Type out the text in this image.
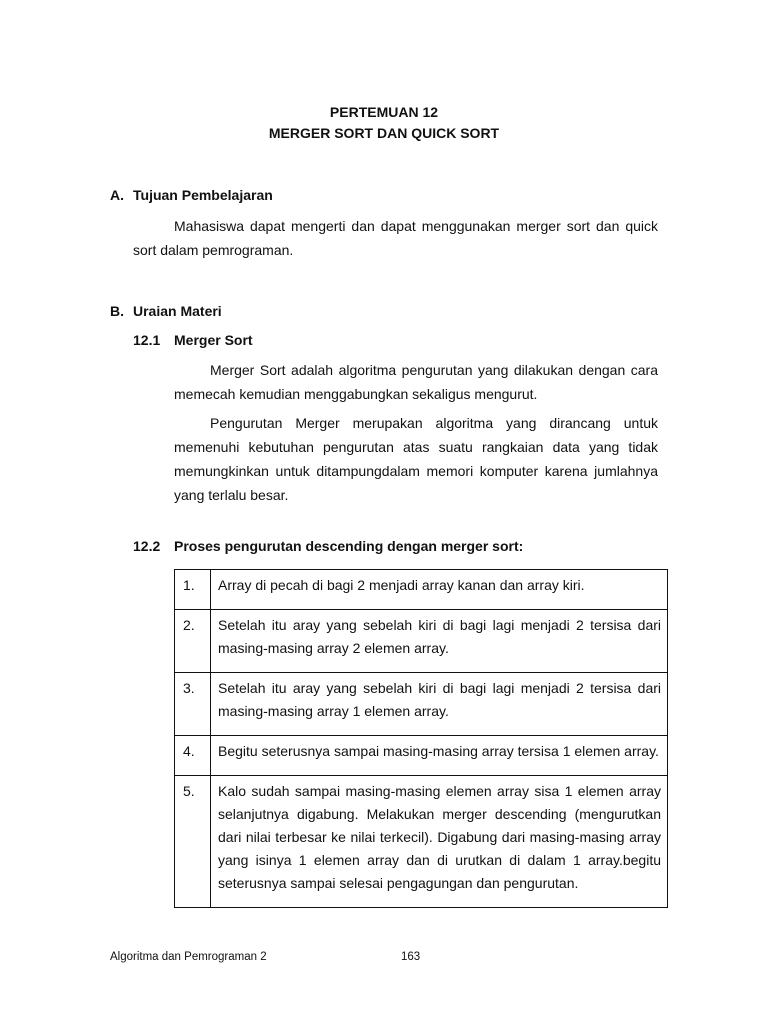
PERTEMUAN 12
MERGER SORT DAN QUICK SORT
A. Tujuan Pembelajaran
Mahasiswa dapat mengerti dan dapat menggunakan merger sort dan quick sort dalam pemrograman.
B. Uraian Materi
12.1 Merger Sort
Merger Sort adalah algoritma pengurutan yang dilakukan dengan cara memecah kemudian menggabungkan sekaligus mengurut.
Pengurutan Merger merupakan algoritma yang dirancang untuk memenuhi kebutuhan pengurutan atas suatu rangkaian data yang tidak memungkinkan untuk ditampungdalam memori komputer karena jumlahnya yang terlalu besar.
12.2 Proses pengurutan descending dengan merger sort:
1.	Array di pecah di bagi 2 menjadi array kanan dan array kiri.
2.	Setelah itu aray yang sebelah kiri di bagi lagi menjadi 2 tersisa dari masing-masing array 2 elemen array.
3.	Setelah itu aray yang sebelah kiri di bagi lagi menjadi 2 tersisa dari masing-masing array 1 elemen array.
4.	Begitu seterusnya sampai masing-masing array tersisa 1 elemen array.
5.	Kalo sudah sampai masing-masing elemen array sisa 1 elemen array selanjutnya digabung. Melakukan merger descending (mengurutkan dari nilai terbesar ke nilai terkecil). Digabung dari masing-masing array yang isinya 1 elemen array dan di urutkan di dalam 1 array.begitu seterusnya sampai selesai pengagungan dan pengurutan.
Algoritma dan Pemrograman 2	163
